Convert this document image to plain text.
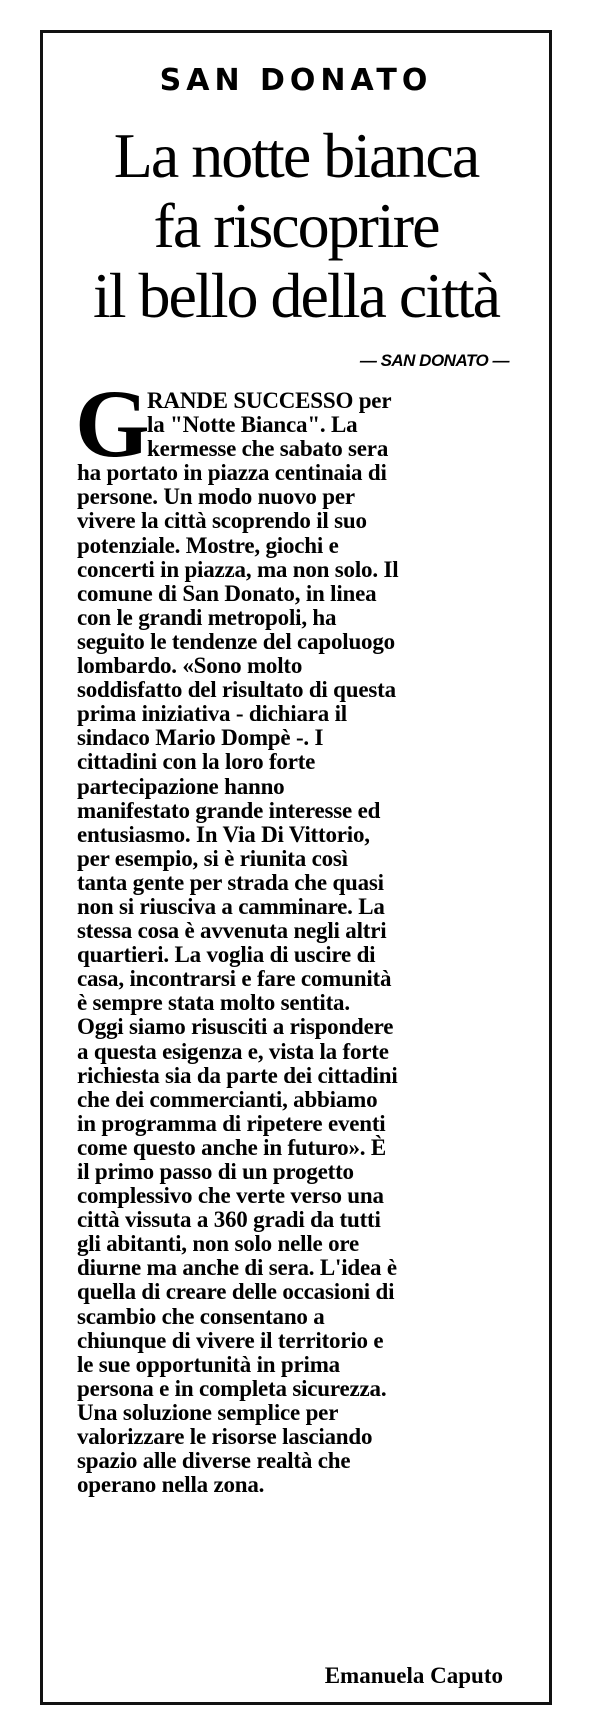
SAN DONATO
La notte bianca
fa riscoprire
il bello della città
— SAN DONATO —
G
RANDE SUCCESSO per
la "Notte Bianca". La
kermesse che sabato sera
ha portato in piazza centinaia di
persone. Un modo nuovo per
vivere la città scoprendo il suo
potenziale. Mostre, giochi e
concerti in piazza, ma non solo. Il
comune di San Donato, in linea
con le grandi metropoli, ha
seguito le tendenze del capoluogo
lombardo. «Sono molto
soddisfatto del risultato di questa
prima iniziativa - dichiara il
sindaco Mario Dompè -. I
cittadini con la loro forte
partecipazione hanno
manifestato grande interesse ed
entusiasmo. In Via Di Vittorio,
per esempio, si è riunita così
tanta gente per strada che quasi
non si riusciva a camminare. La
stessa cosa è avvenuta negli altri
quartieri. La voglia di uscire di
casa, incontrarsi e fare comunità
è sempre stata molto sentita.
Oggi siamo risusciti a rispondere
a questa esigenza e, vista la forte
richiesta sia da parte dei cittadini
che dei commercianti, abbiamo
in programma di ripetere eventi
come questo anche in futuro». È
il primo passo di un progetto
complessivo che verte verso una
città vissuta a 360 gradi da tutti
gli abitanti, non solo nelle ore
diurne ma anche di sera. L'idea è
quella di creare delle occasioni di
scambio che consentano a
chiunque di vivere il territorio e
le sue opportunità in prima
persona e in completa sicurezza.
Una soluzione semplice per
valorizzare le risorse lasciando
spazio alle diverse realtà che
operano nella zona.
Emanuela Caputo
